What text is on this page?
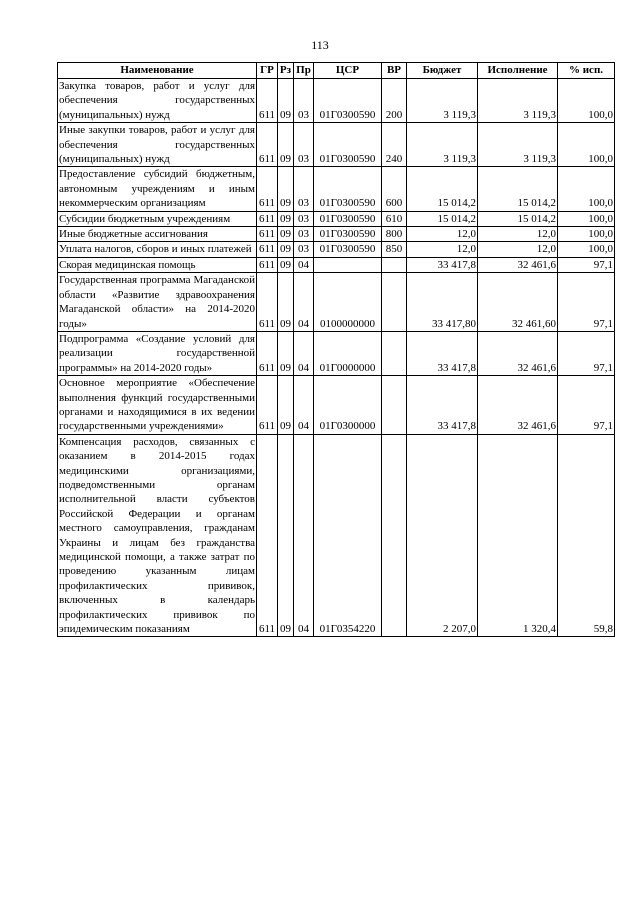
113
Наименование	ГР	Рз	Пр	ЦСР	ВР	Бюджет	Исполнение	% исп.
Закупка товаров, работ и услуг для обеспечения государственных (муниципальных) нужд	611	09	03	01Г0300590	200	3 119,3	3 119,3	100,0
Иные закупки товаров, работ и услуг для обеспечения государственных (муниципальных) нужд	611	09	03	01Г0300590	240	3 119,3	3 119,3	100,0
Предоставление субсидий бюджетным, автономным учреждениям и иным некоммерческим организациям	611	09	03	01Г0300590	600	15 014,2	15 014,2	100,0
Субсидии бюджетным учреждениям	611	09	03	01Г0300590	610	15 014,2	15 014,2	100,0
Иные бюджетные ассигнования	611	09	03	01Г0300590	800	12,0	12,0	100,0
Уплата налогов, сборов и иных платежей	611	09	03	01Г0300590	850	12,0	12,0	100,0
Скорая медицинская помощь	611	09	04			33 417,8	32 461,6	97,1
Государственная программа Магаданской области «Развитие здравоохранения Магаданской области» на 2014-2020 годы»	611	09	04	0100000000		33 417,80	32 461,60	97,1
Подпрограмма «Создание условий для реализации государственной программы» на 2014-2020 годы»	611	09	04	01Г0000000		33 417,8	32 461,6	97,1
Основное мероприятие «Обеспечение выполнения функций государственными органами и находящимися в их ведении государственными учреждениями»	611	09	04	01Г0300000		33 417,8	32 461,6	97,1
Компенсация расходов, связанных с оказанием в 2014-2015 годах медицинскими организациями, подведомственными органам исполнительной власти субъектов Российской Федерации и органам местного самоуправления, гражданам Украины и лицам без гражданства медицинской помощи, а также затрат по проведению указанным лицам профилактических прививок, включенных в календарь профилактических прививок по эпидемическим показаниям	611	09	04	01Г0354220		2 207,0	1 320,4	59,8
